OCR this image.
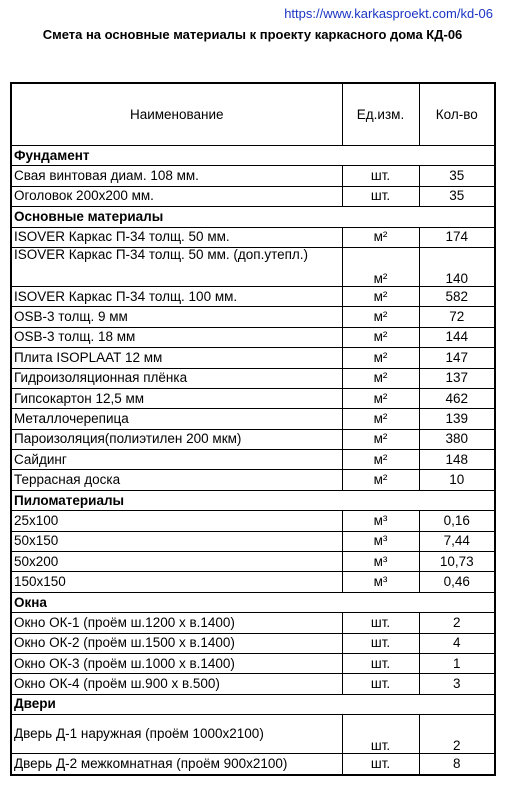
https://www.karkasproekt.com/kd-06
Смета на основные материалы к проекту каркасного дома КД-06
Наименование	Ед.изм.	Кол-во
Фундамент		
Свая винтовая диам. 108 мм.	шт.	35
Оголовок 200х200 мм.	шт.	35
Основные материалы		
ISOVER Каркас П-34 толщ. 50 мм.	м²	174
ISOVER Каркас П-34 толщ. 50 мм. (доп.утепл.)	м²	140
ISOVER Каркас П-34 толщ. 100 мм.	м²	582
OSB-3 толщ. 9 мм	м²	72
OSB-3 толщ. 18 мм	м²	144
Плита ISOPLAAT 12 мм	м²	147
Гидроизоляционная плёнка	м²	137
Гипсокартон 12,5 мм	м²	462
Металлочерепица	м²	139
Пароизоляция(полиэтилен 200 мкм)	м²	380
Сайдинг	м²	148
Террасная доска	м²	10
Пиломатериалы		
25х100	м³	0,16
50х150	м³	7,44
50х200	м³	10,73
150х150	м³	0,46
Окна		
Окно ОК-1 (проём ш.1200 х в.1400)	шт.	2
Окно ОК-2 (проём ш.1500 х в.1400)	шт.	4
Окно ОК-3 (проём ш.1000 х в.1400)	шт.	1
Окно ОК-4 (проём ш.900 х в.500)	шт.	3
Двери		
Дверь Д-1 наружная (проём 1000х2100)	шт.	2
Дверь Д-2 межкомнатная (проём 900х2100)	шт.	8
